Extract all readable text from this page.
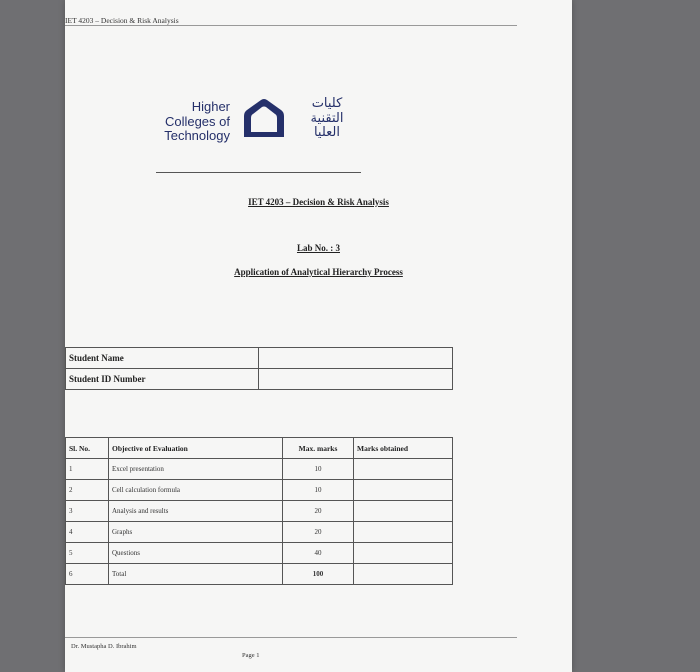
IET 4203 – Decision & Risk Analysis
Higher
Colleges of
Technology
كليات
التقنية
العليا
IET 4203 – Decision & Risk Analysis
Lab No. : 3
Application of Analytical Hierarchy Process
Student Name	
Student ID Number	
Sl. No.	Objective of Evaluation	Max. marks	Marks obtained
1	Excel presentation	10	
2	Cell calculation formula	10	
3	Analysis and results	20	
4	Graphs	20	
5	Questions	40	
6	Total	100	
Dr. Mustapha D. Ibrahim
Page 1
